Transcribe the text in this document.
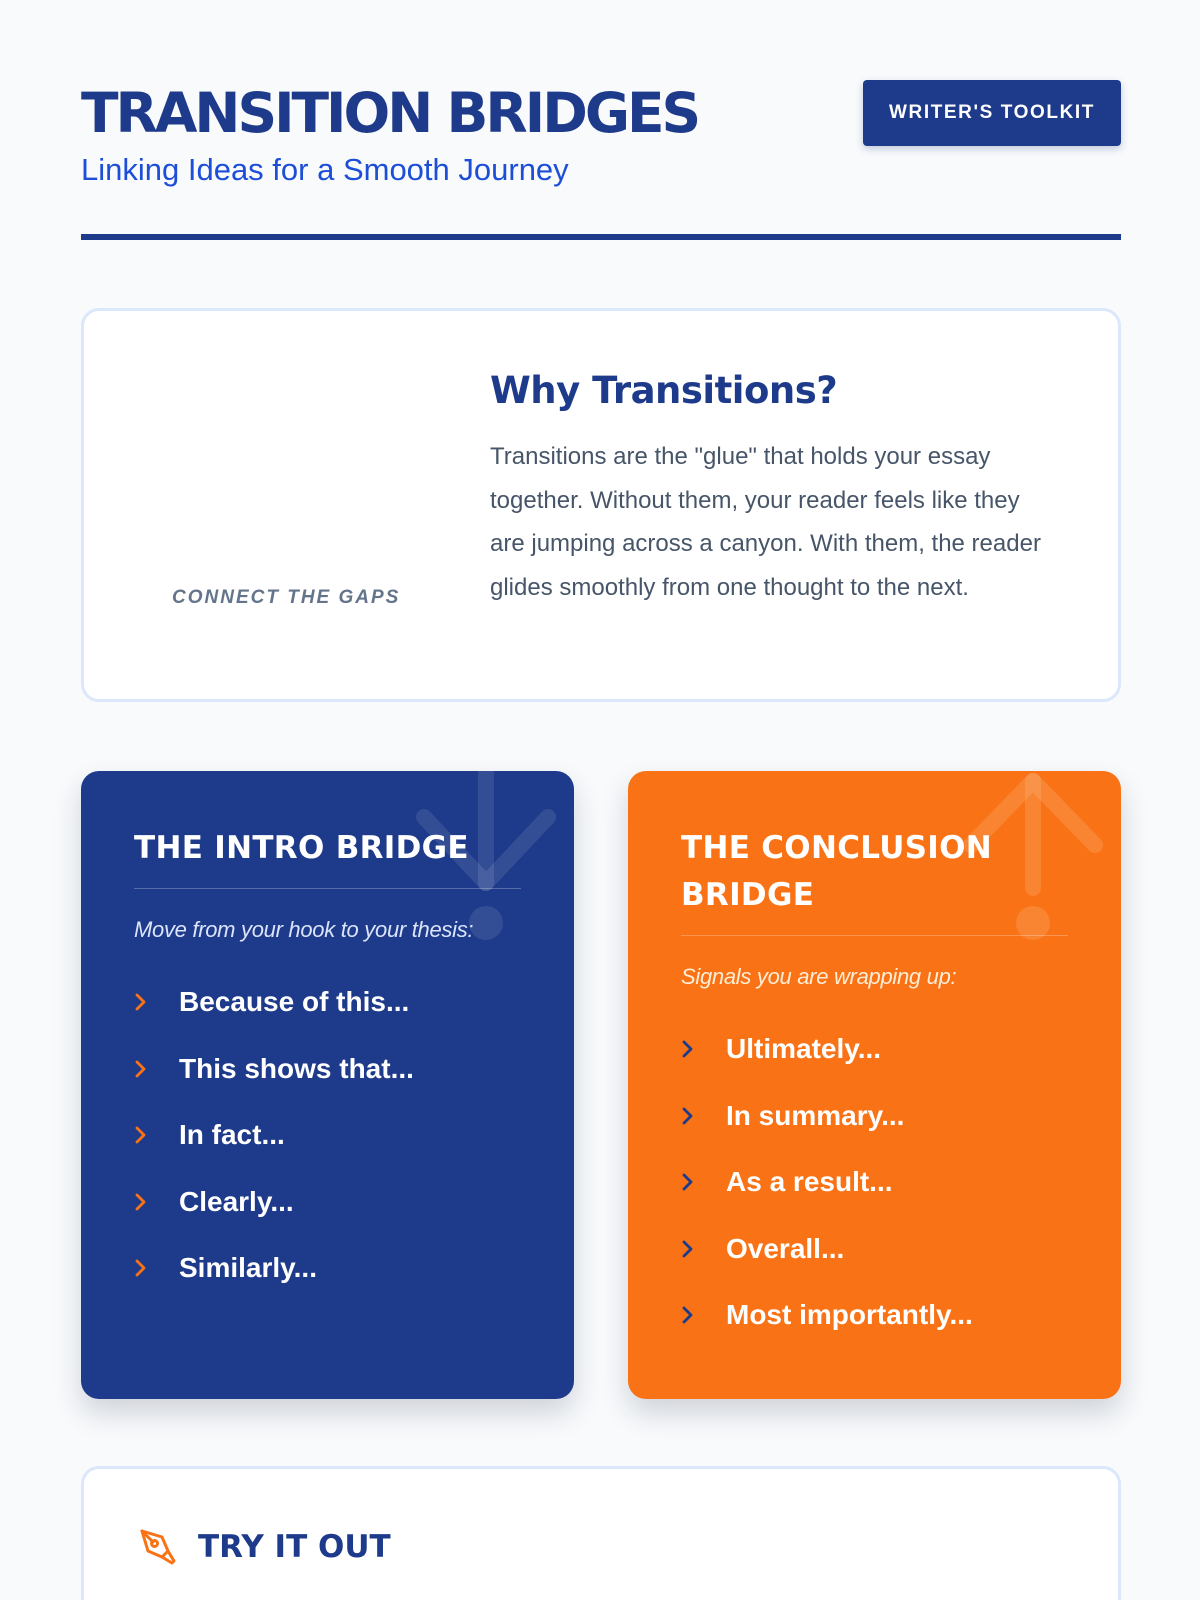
TRANSITION BRIDGES
Linking Ideas for a Smooth Journey
WRITER'S TOOLKIT
CONNECT THE GAPS
Why Transitions?

Transitions are the "glue" that holds your essay together. Without them, your reader feels like they are jumping across a canyon. With them, the reader glides smoothly from one thought to the next.

THE INTRO BRIDGE

Move from your hook to your thesis:

Because of this...
This shows that...
In fact...
Clearly...
Similarly...
THE CONCLUSION BRIDGE

Signals you are wrapping up:

Ultimately...
In summary...
As a result...
Overall...
Most importantly...
TRY IT OUT
